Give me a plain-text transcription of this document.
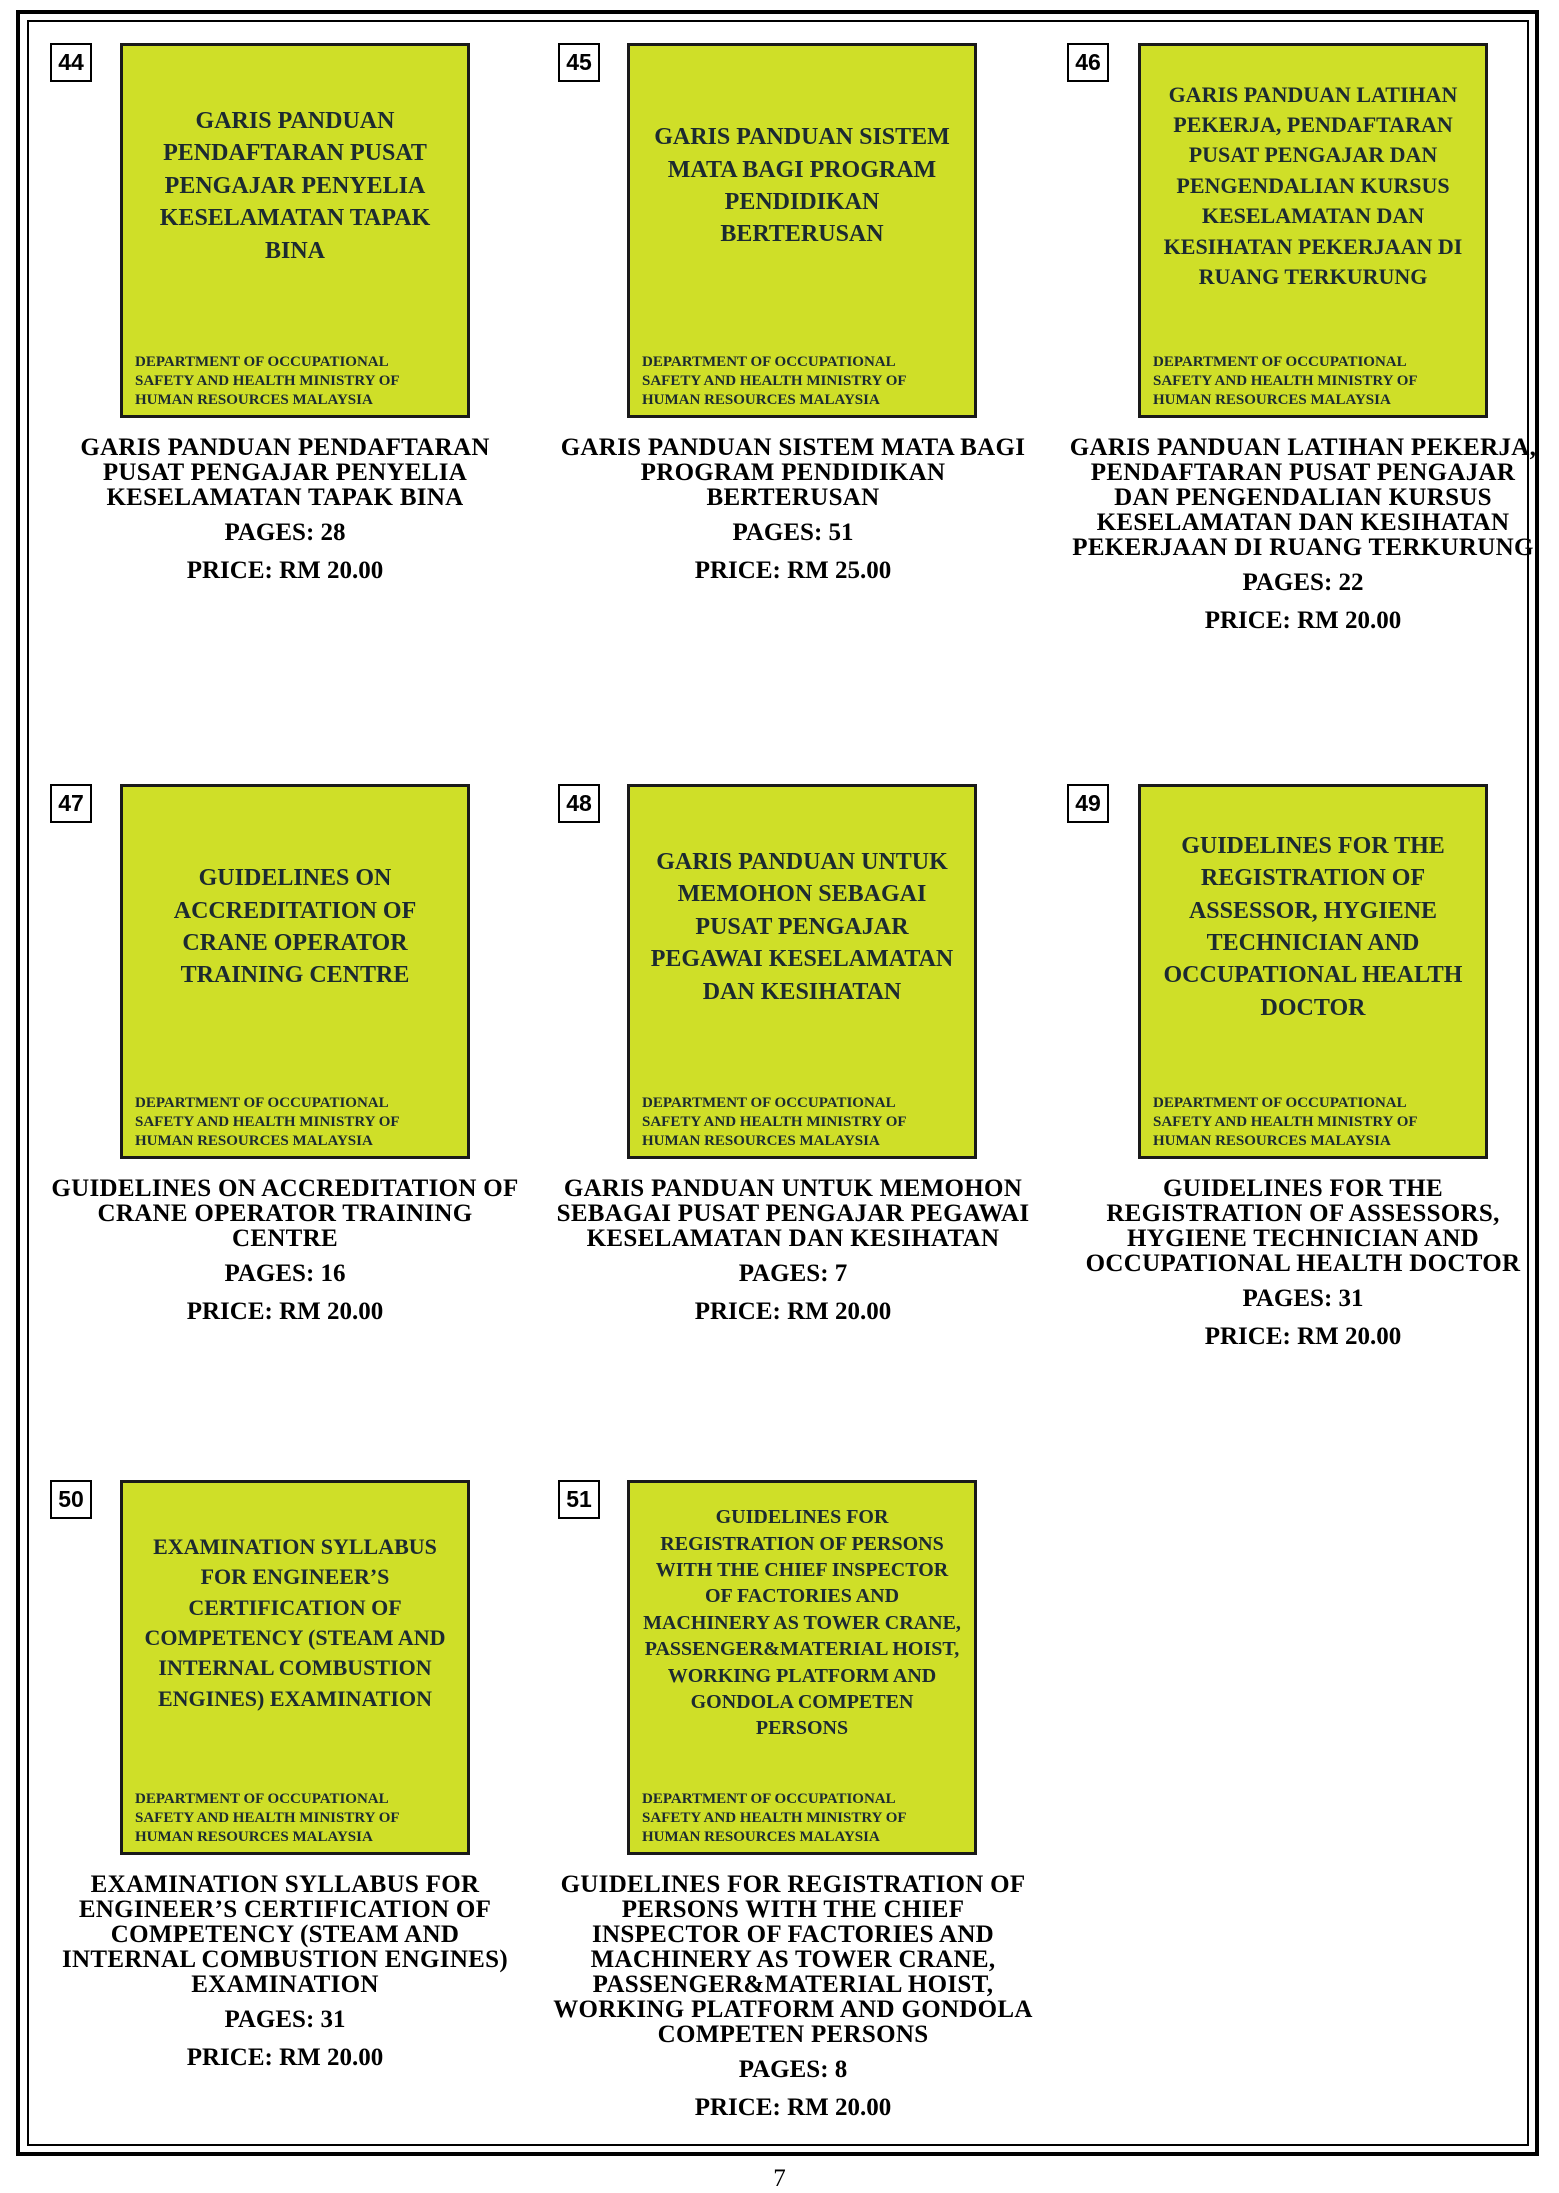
44
GARIS PANDUAN PENDAFTARAN PUSAT PENGAJAR PENYELIA KESELAMATAN TAPAK BINA
DEPARTMENT OF OCCUPATIONAL
SAFETY AND HEALTH MINISTRY OF
HUMAN RESOURCES MALAYSIA
GARIS PANDUAN PENDAFTARAN PUSAT PENGAJAR PENYELIA KESELAMATAN TAPAK BINA
PAGES: 28
PRICE: RM 20.00
45
GARIS PANDUAN SISTEM MATA BAGI PROGRAM PENDIDIKAN BERTERUSAN
DEPARTMENT OF OCCUPATIONAL
SAFETY AND HEALTH MINISTRY OF
HUMAN RESOURCES MALAYSIA
GARIS PANDUAN SISTEM MATA BAGI PROGRAM PENDIDIKAN BERTERUSAN
PAGES: 51
PRICE: RM 25.00
46
GARIS PANDUAN LATIHAN PEKERJA, PENDAFTARAN PUSAT PENGAJAR DAN PENGENDALIAN KURSUS KESELAMATAN DAN KESIHATAN PEKERJAAN DI RUANG TERKURUNG
DEPARTMENT OF OCCUPATIONAL
SAFETY AND HEALTH MINISTRY OF
HUMAN RESOURCES MALAYSIA
GARIS PANDUAN LATIHAN PEKERJA, PENDAFTARAN PUSAT PENGAJAR DAN PENGENDALIAN KURSUS KESELAMATAN DAN KESIHATAN PEKERJAAN DI RUANG TERKURUNG
PAGES: 22
PRICE: RM 20.00
47
GUIDELINES ON ACCREDITATION OF CRANE OPERATOR TRAINING CENTRE
DEPARTMENT OF OCCUPATIONAL
SAFETY AND HEALTH MINISTRY OF
HUMAN RESOURCES MALAYSIA
GUIDELINES ON ACCREDITATION OF CRANE OPERATOR TRAINING CENTRE
PAGES: 16
PRICE: RM 20.00
48
GARIS PANDUAN UNTUK MEMOHON SEBAGAI PUSAT PENGAJAR PEGAWAI KESELAMATAN DAN KESIHATAN
DEPARTMENT OF OCCUPATIONAL
SAFETY AND HEALTH MINISTRY OF
HUMAN RESOURCES MALAYSIA
GARIS PANDUAN UNTUK MEMOHON SEBAGAI PUSAT PENGAJAR PEGAWAI KESELAMATAN DAN KESIHATAN
PAGES: 7
PRICE: RM 20.00
49
GUIDELINES FOR THE REGISTRATION OF ASSESSOR, HYGIENE TECHNICIAN AND OCCUPATIONAL HEALTH DOCTOR
DEPARTMENT OF OCCUPATIONAL
SAFETY AND HEALTH MINISTRY OF
HUMAN RESOURCES MALAYSIA
GUIDELINES FOR THE REGISTRATION OF ASSESSORS, HYGIENE TECHNICIAN AND OCCUPATIONAL HEALTH DOCTOR
PAGES: 31
PRICE: RM 20.00
50
EXAMINATION SYLLABUS FOR ENGINEER’S CERTIFICATION OF COMPETENCY (STEAM AND INTERNAL COMBUSTION ENGINES) EXAMINATION
DEPARTMENT OF OCCUPATIONAL
SAFETY AND HEALTH MINISTRY OF
HUMAN RESOURCES MALAYSIA
EXAMINATION SYLLABUS FOR ENGINEER’S CERTIFICATION OF COMPETENCY (STEAM AND INTERNAL COMBUSTION ENGINES) EXAMINATION
PAGES: 31
PRICE: RM 20.00
51
GUIDELINES FOR REGISTRATION OF PERSONS WITH THE CHIEF INSPECTOR OF FACTORIES AND MACHINERY AS TOWER CRANE, PASSENGER&MATERIAL HOIST, WORKING PLATFORM AND GONDOLA COMPETEN PERSONS
DEPARTMENT OF OCCUPATIONAL
SAFETY AND HEALTH MINISTRY OF
HUMAN RESOURCES MALAYSIA
GUIDELINES FOR REGISTRATION OF PERSONS WITH THE CHIEF INSPECTOR OF FACTORIES AND MACHINERY AS TOWER CRANE, PASSENGER&MATERIAL HOIST, WORKING PLATFORM AND GONDOLA COMPETEN PERSONS
PAGES: 8
PRICE: RM 20.00
7
